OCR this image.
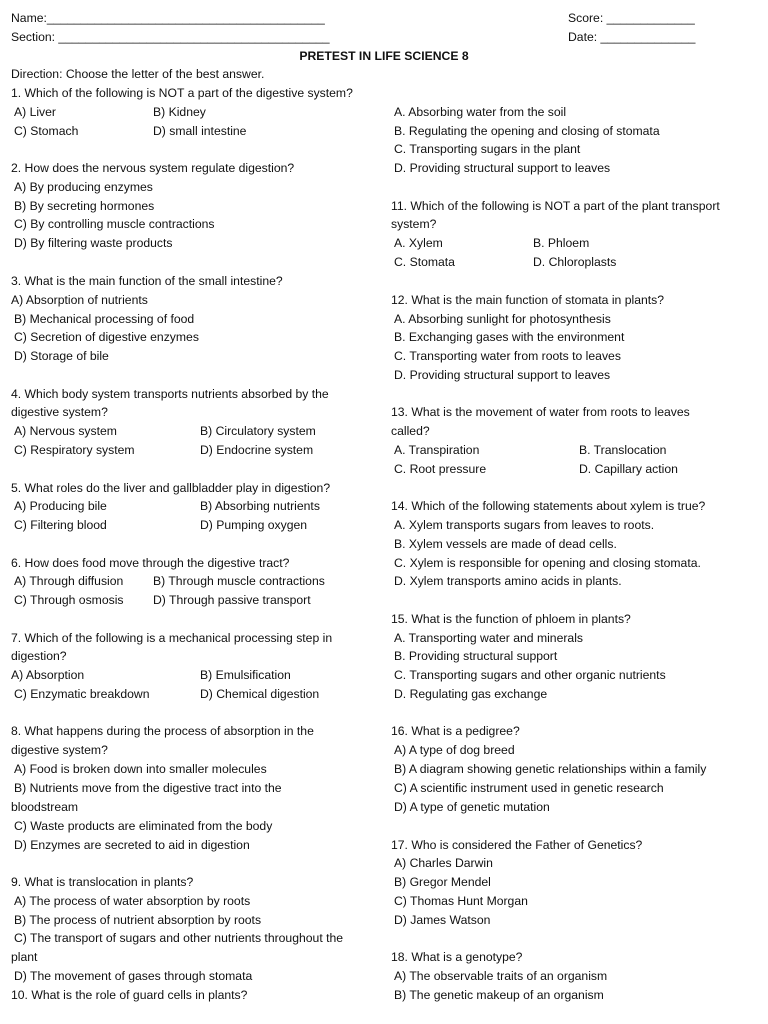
Name:_________________________________________
Section: ________________________________________
Score: _____________
Date: ______________
PRETEST IN LIFE SCIENCE 8
Direction: Choose the letter of the best answer.
1. Which of the following is NOT a part of the digestive system?
A) Liver	B) Kidney
C) Stomach	D) small intestine
2. How does the nervous system regulate digestion?
A) By producing enzymes
B) By secreting hormones
C) By controlling muscle contractions
D) By filtering waste products
3. What is the main function of the small intestine?
A) Absorption of nutrients
B) Mechanical processing of food
C) Secretion of digestive enzymes
D) Storage of bile
4. Which body system transports nutrients absorbed by the
digestive system?
A) Nervous system	B) Circulatory system
C) Respiratory system	D) Endocrine system
5. What roles do the liver and gallbladder play in digestion?
A) Producing bile	B) Absorbing nutrients
C) Filtering blood	D) Pumping oxygen
6. How does food move through the digestive tract?
A) Through diffusion B) Through muscle contractions
C) Through osmosis D) Through passive transport
7. Which of the following is a mechanical processing step in
digestion?
A) Absorption	B) Emulsification
C) Enzymatic breakdown	D) Chemical digestion
8. What happens during the process of absorption in the
digestive system?
A) Food is broken down into smaller molecules
B) Nutrients move from the digestive tract into the
bloodstream
C) Waste products are eliminated from the body
D) Enzymes are secreted to aid in digestion
9. What is translocation in plants?
A) The process of water absorption by roots
B) The process of nutrient absorption by roots
C) The transport of sugars and other nutrients throughout the
plant
D) The movement of gases through stomata
10. What is the role of guard cells in plants?
A. Absorbing water from the soil
B. Regulating the opening and closing of stomata
C. Transporting sugars in the plant
D. Providing structural support to leaves
11. Which of the following is NOT a part of the plant transport
system?
A. Xylem	B. Phloem
C. Stomata	D. Chloroplasts
12. What is the main function of stomata in plants?
A. Absorbing sunlight for photosynthesis
B. Exchanging gases with the environment
C. Transporting water from roots to leaves
D. Providing structural support to leaves
13. What is the movement of water from roots to leaves
called?
A. Transpiration	B. Translocation
C. Root pressure	D. Capillary action
14. Which of the following statements about xylem is true?
A. Xylem transports sugars from leaves to roots.
B. Xylem vessels are made of dead cells.
C. Xylem is responsible for opening and closing stomata.
D. Xylem transports amino acids in plants.
15. What is the function of phloem in plants?
A. Transporting water and minerals
B. Providing structural support
C. Transporting sugars and other organic nutrients
D. Regulating gas exchange
16. What is a pedigree?
A) A type of dog breed
B) A diagram showing genetic relationships within a family
C) A scientific instrument used in genetic research
D) A type of genetic mutation
17. Who is considered the Father of Genetics?
A) Charles Darwin
B) Gregor Mendel
C) Thomas Hunt Morgan
D) James Watson
18. What is a genotype?
A) The observable traits of an organism
B) The genetic makeup of an organism
